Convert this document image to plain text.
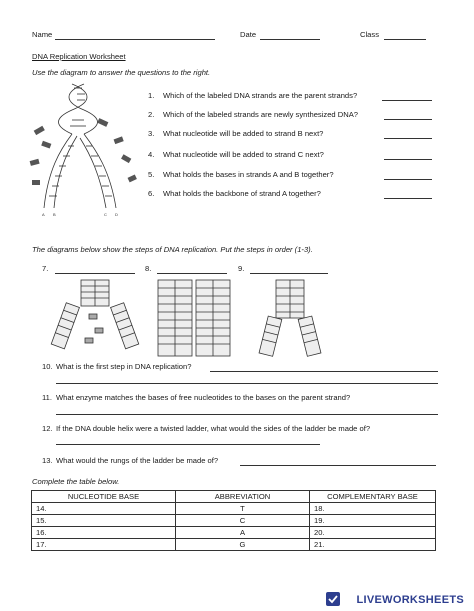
Name	Date	Class
DNA Replication Worksheet
Use the diagram to answer the questions to the right.
A B	C D
1. Which of the labeled DNA strands are the parent strands?
2. Which of the labeled strands are newly synthesized DNA?
3. What nucleotide will be added to strand B next?
4. What nucleotide will be added to strand C next?
5. What holds the bases in strands A and B together?
6. What holds the backbone of strand A together?
The diagrams below show the steps of DNA replication. Put the steps in order (1-3).
7.	8.	9.
10. What is the first step in DNA replication?
11. What enzyme matches the bases of free nucleotides to the bases on the parent strand?
12. If the DNA double helix were a twisted ladder, what would the sides of the ladder be made of?
13. What would the rungs of the ladder be made of?
Complete the table below.
NUCLEOTIDE BASE	ABBREVIATION	COMPLEMENTARY BASE
14.	T	18.
15.	C	19.
16.	A	20.
17.	G	21.
LIVEWORKSHEETS
